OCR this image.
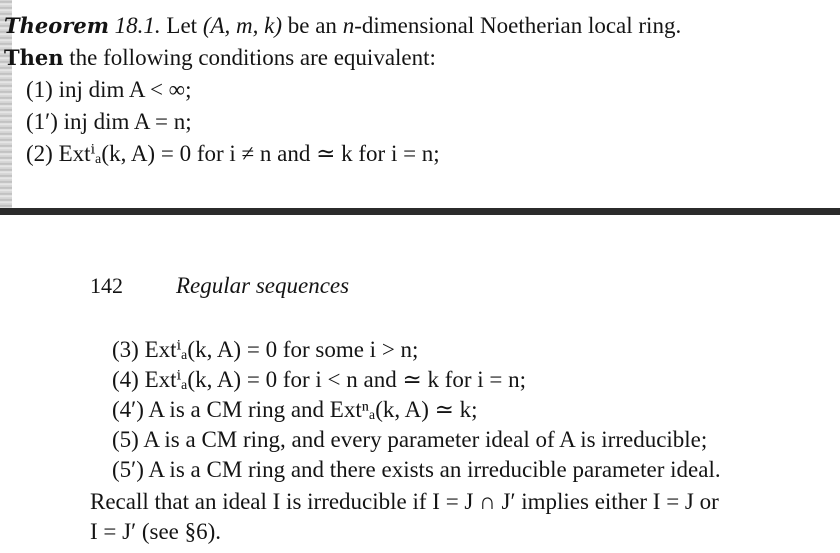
Theorem 18.1. Let (A, m, k) be an n-dimensional Noetherian local ring.
Then the following conditions are equivalent:
(1) inj dim A < ∞;
(1′) inj dim A = n;
(2) Extⁱₐ(k, A) = 0 for i ≠ n and ≃ k for i = n;
142 Regular sequences
(3) Extⁱₐ(k, A) = 0 for some i > n;
(4) Extⁱₐ(k, A) = 0 for i < n and ≃ k for i = n;
(4′) A is a CM ring and Extⁿₐ(k, A) ≃ k;
(5) A is a CM ring, and every parameter ideal of A is irreducible;
(5′) A is a CM ring and there exists an irreducible parameter ideal.
Recall that an ideal I is irreducible if I = J ∩ J′ implies either I = J or
I = J′ (see §6).
